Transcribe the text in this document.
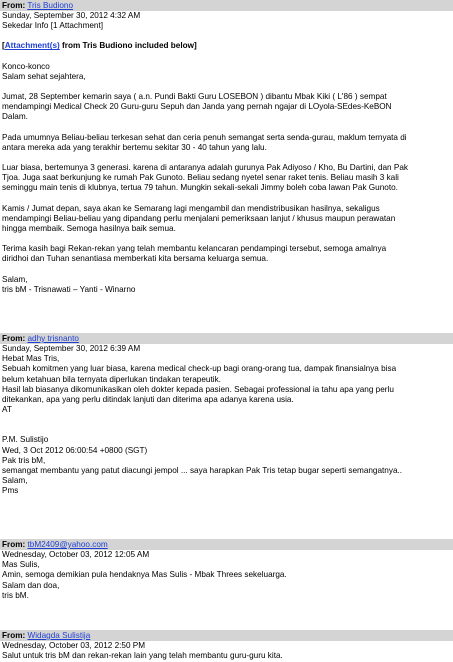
From: Tris Budiono
Sunday, September 30, 2012 4:32 AM
Sekedar Info [1 Attachment]
[Attachment(s) from Tris Budiono included below]
Konco-konco
Salam sehat sejahtera,
Jumat, 28 September kemarin saya ( a.n. Pundi Bakti Guru LOSEBON ) dibantu Mbak Kiki ( L'86 ) sempat
mendampingi Medical Check 20 Guru-guru Sepuh dan Janda yang pernah ngajar di LOyola-SEdes-KeBON
Dalam.
Pada umumnya Beliau-beliau terkesan sehat dan ceria penuh semangat serta senda-gurau, maklum ternyata di
antara mereka ada yang terakhir bertemu sekitar 30 - 40 tahun yang lalu.
Luar biasa, bertemunya 3 generasi. karena di antaranya adalah gurunya Pak Adiyoso / Kho, Bu Dartini, dan Pak
Tjoa. Juga saat berkunjung ke rumah Pak Gunoto. Beliau sedang nyetel senar raket tenis. Beliau masih 3 kali
seminggu main tenis di klubnya, tertua 79 tahun. Mungkin sekali-sekali Jimmy boleh coba lawan Pak Gunoto.
Kamis / Jumat depan, saya akan ke Semarang lagi mengambil dan mendistribusikan hasilnya, sekaligus
mendampingi Beliau-beliau yang dipandang perlu menjalani pemeriksaan lanjut / khusus maupun perawatan
hingga membaik. Semoga hasilnya baik semua.
Terima kasih bagi Rekan-rekan yang telah membantu kelancaran pendampingi tersebut, semoga amalnya
diridhoi dan Tuhan senantiasa memberkati kita bersama keluarga semua.
Salam,
tris bM - Trisnawati – Yanti - Winarno
From: adhy trisnanto
Sunday, September 30, 2012 6:39 AM
Hebat Mas Tris,
Sebuah komitmen yang luar biasa, karena medical check-up bagi orang-orang tua, dampak finansialnya bisa
belum ketahuan bila ternyata diperlukan tindakan terapeutik.
Hasil lab biasanya dikomunikasikan oleh dokter kepada pasien. Sebagai professional ia tahu apa yang perlu
ditekankan, apa yang perlu ditindak lanjuti dan diterima apa adanya karena usia.
AT
P.M. Sulistijo
Wed, 3 Oct 2012 06:00:54 +0800 (SGT)
Pak tris bM,
semangat membantu yang patut diacungi jempol ... saya harapkan Pak Tris tetap bugar seperti semangatnya..
Salam,
Pms
From: tbM2409@yahoo.com
Wednesday, October 03, 2012 12:05 AM
Mas Sulis,
Amin, semoga demikian pula hendaknya Mas Sulis - Mbak Threes sekeluarga.
Salam dan doa,
tris bM.
From: Widagda Sulistija
Wednesday, October 03, 2012 2:50 PM
Salut untuk tris bM dan rekan-rekan lain yang telah membantu guru-guru kita.
